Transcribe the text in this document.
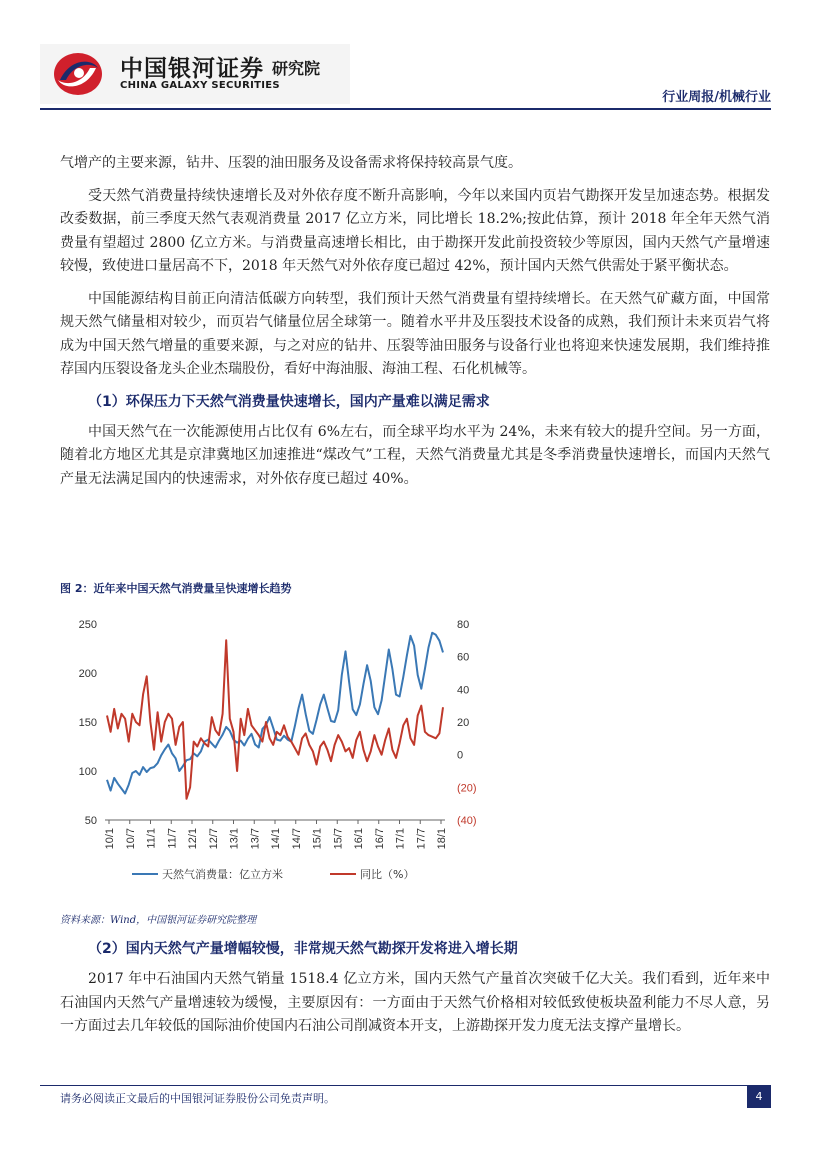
中国银河证券 研究院
CHINA GALAXY SECURITIES
行业周报/机械行业

气增产的主要来源，钻井、压裂的油田服务及设备需求将保持较高景气度。

受天然气消费量持续快速增长及对外依存度不断升高影响，今年以来国内页岩气勘探开发呈加速态势。根据发改委数据，前三季度天然气表观消费量 2017 亿立方米，同比增长 18.2%;按此估算，预计 2018 年全年天然气消费量有望超过 2800 亿立方米。与消费量高速增长相比，由于勘探开发此前投资较少等原因，国内天然气产量增速较慢，致使进口量居高不下，2018 年天然气对外依存度已超过 42%，预计国内天然气供需处于紧平衡状态。

中国能源结构目前正向清洁低碳方向转型，我们预计天然气消费量有望持续增长。在天然气矿藏方面，中国常规天然气储量相对较少，而页岩气储量位居全球第一。随着水平井及压裂技术设备的成熟，我们预计未来页岩气将成为中国天然气增量的重要来源，与之对应的钻井、压裂等油田服务与设备行业也将迎来快速发展期，我们维持推荐国内压裂设备龙头企业杰瑞股份，看好中海油服、海油工程、石化机械等。

（1）环保压力下天然气消费量快速增长，国内产量难以满足需求

中国天然气在一次能源使用占比仅有 6%左右，而全球平均水平为 24%，未来有较大的提升空间。另一方面，随着北方地区尤其是京津冀地区加速推进“煤改气”工程，天然气消费量尤其是冬季消费量快速增长，而国内天然气产量无法满足国内的快速需求，对外依存度已超过 40%。

图 2：近年来中国天然气消费量呈快速增长趋势
250
200
150
100
50
80
60
40
20
0
(20)
(40)
10/1 10/7 11/1 11/7 12/1 12/7 13/1 13/7 14/1 14/7 15/1 15/7 16/1 16/7 17/1 17/7 18/1
天然气消费量：亿立方米	同比（%）
资料来源：Wind，中国银河证券研究院整理
（2）国内天然气产量增幅较慢，非常规天然气勘探开发将进入增长期

2017 年中石油国内天然气销量 1518.4 亿立方米，国内天然气产量首次突破千亿大关。我们看到，近年来中石油国内天然气产量增速较为缓慢，主要原因有：一方面由于天然气价格相对较低致使板块盈利能力不尽人意，另一方面过去几年较低的国际油价使国内石油公司削减资本开支，上游勘探开发力度无法支撑产量增长。

请务必阅读正文最后的中国银河证券股份公司免责声明。	4
